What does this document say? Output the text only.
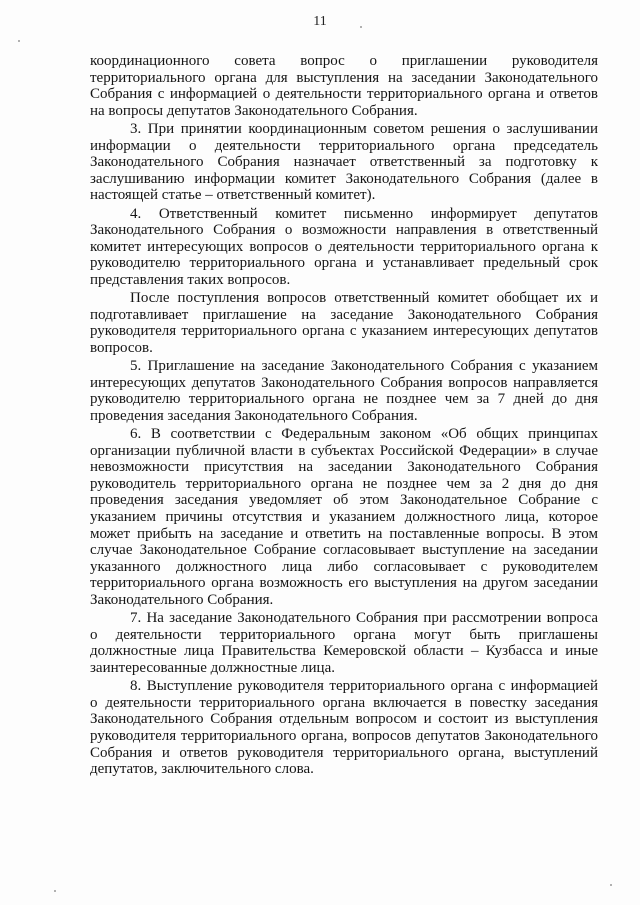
11

координационного совета вопрос о приглашении руководителя территориального органа для выступления на заседании Законодательного Собрания с информацией о деятельности территориального органа и ответов на вопросы депутатов Законодательного Собрания.

3. При принятии координационным советом решения о заслушивании информации о деятельности территориального органа председатель Законодательного Собрания назначает ответственный за подготовку к заслушиванию информации комитет Законодательного Собрания (далее в настоящей статье – ответственный комитет).

4. Ответственный комитет письменно информирует депутатов Законодательного Собрания о возможности направления в ответственный комитет интересующих вопросов о деятельности территориального органа к руководителю территориального органа и устанавливает предельный срок представления таких вопросов.

После поступления вопросов ответственный комитет обобщает их и подготавливает приглашение на заседание Законодательного Собрания руководителя территориального органа с указанием интересующих депутатов вопросов.

5. Приглашение на заседание Законодательного Собрания с указанием интересующих депутатов Законодательного Собрания вопросов направляется руководителю территориального органа не позднее чем за 7 дней до дня проведения заседания Законодательного Собрания.

6. В соответствии с Федеральным законом «Об общих принципах организации публичной власти в субъектах Российской Федерации» в случае невозможности присутствия на заседании Законодательного Собрания руководитель территориального органа не позднее чем за 2 дня до дня проведения заседания уведомляет об этом Законодательное Собрание с указанием причины отсутствия и указанием должностного лица, которое может прибыть на заседание и ответить на поставленные вопросы. В этом случае Законодательное Собрание согласовывает выступление на заседании указанного должностного лица либо согласовывает с руководителем территориального органа возможность его выступления на другом заседании Законодательного Собрания.

7. На заседание Законодательного Собрания при рассмотрении вопроса о деятельности территориального органа могут быть приглашены должностные лица Правительства Кемеровской области – Кузбасса и иные заинтересованные должностные лица.

8. Выступление руководителя территориального органа с информацией о деятельности территориального органа включается в повестку заседания Законодательного Собрания отдельным вопросом и состоит из выступления руководителя территориального органа, вопросов депутатов Законодательного Собрания и ответов руководителя территориального органа, выступлений депутатов, заключительного слова.
